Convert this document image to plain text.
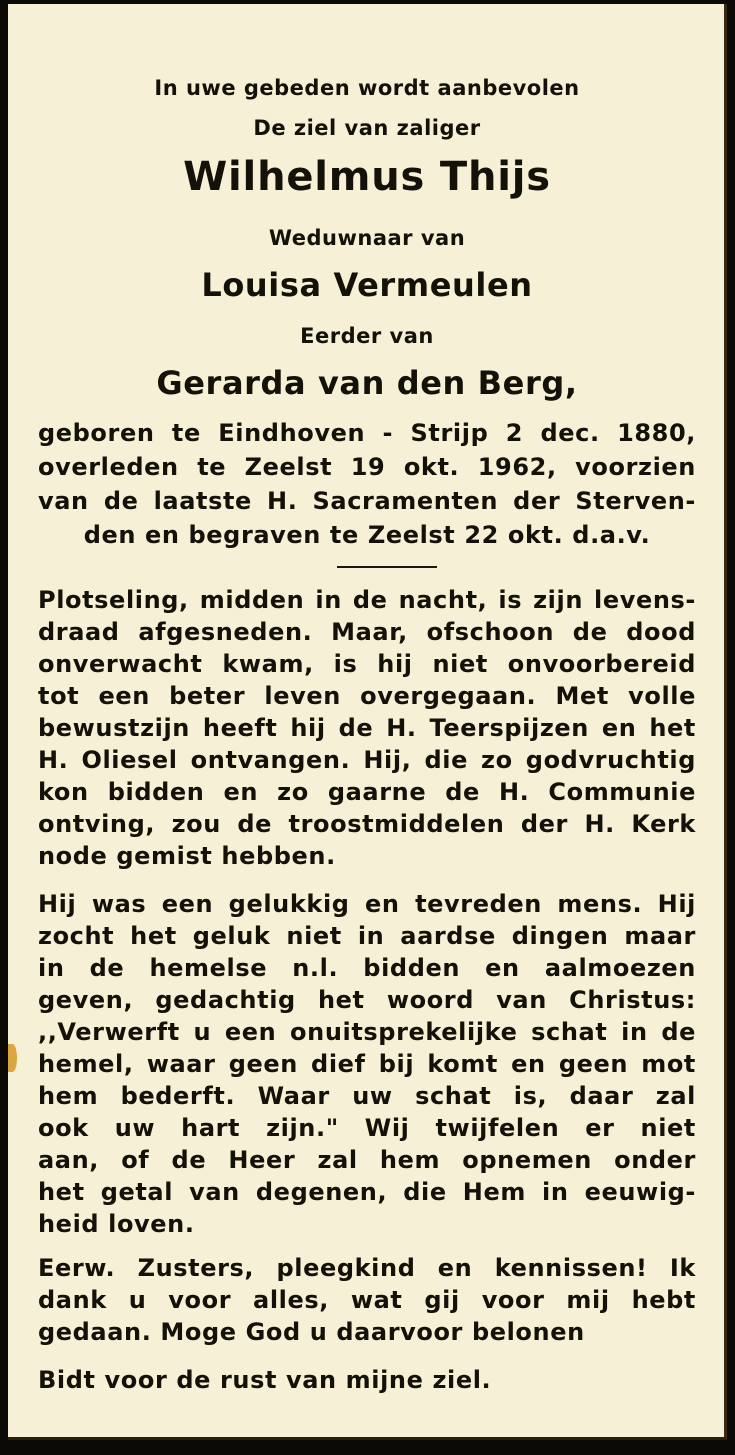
In uwe gebeden wordt aanbevolen
De ziel van zaliger
Wilhelmus Thijs
Weduwnaar van
Louisa Vermeulen
Eerder van
Gerarda van den Berg,
geboren te Eindhoven - Strijp 2 dec. 1880,
overleden te Zeelst 19 okt. 1962, voorzien
van de laatste H. Sacramenten der Sterven-
den en begraven te Zeelst 22 okt. d.a.v.
Plotseling, midden in de nacht, is zijn levens-
draad afgesneden. Maar, ofschoon de dood
onverwacht kwam, is hij niet onvoorbereid
tot een beter leven overgegaan. Met volle
bewustzijn heeft hij de H. Teerspijzen en het
H. Oliesel ontvangen. Hij, die zo godvruchtig
kon bidden en zo gaarne de H. Communie
ontving, zou de troostmiddelen der H. Kerk
node gemist hebben.
Hij was een gelukkig en tevreden mens. Hij
zocht het geluk niet in aardse dingen maar
in de hemelse n.l. bidden en aalmoezen
geven, gedachtig het woord van Christus:
,,Verwerft u een onuitsprekelijke schat in de
hemel, waar geen dief bij komt en geen mot
hem bederft. Waar uw schat is, daar zal
ook uw hart zijn." Wij twijfelen er niet
aan, of de Heer zal hem opnemen onder
het getal van degenen, die Hem in eeuwig-
heid loven.
Eerw. Zusters, pleegkind en kennissen! Ik
dank u voor alles, wat gij voor mij hebt
gedaan. Moge God u daarvoor belonen
Bidt voor de rust van mijne ziel.
